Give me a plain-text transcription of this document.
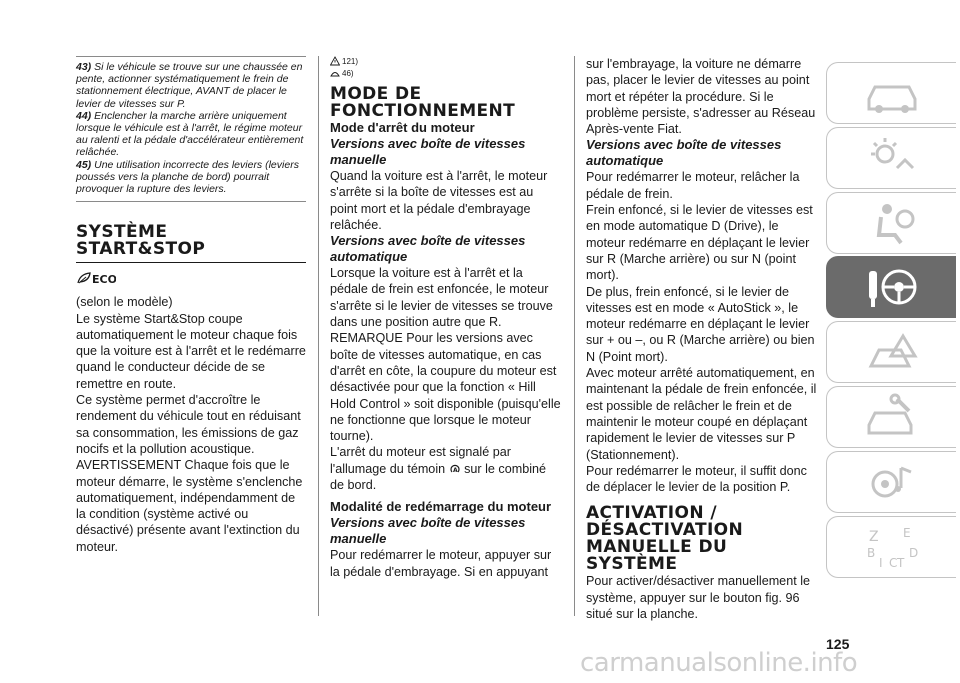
43) Si le véhicule se trouve sur une chaussée en pente, actionner systématiquement le frein de stationnement électrique, AVANT de placer le levier de vitesses sur P.

44) Enclencher la marche arrière uniquement lorsque le véhicule est à l'arrêt, le régime moteur au ralenti et la pédale d'accélérateur entièrement relâchée.

45) Une utilisation incorrecte des leviers (leviers poussés vers la planche de bord) pourrait provoquer la rupture des leviers.

SYSTÈME

START&STOP

ECO

(selon le modèle)

Le système Start&Stop coupe automatiquement le moteur chaque fois que la voiture est à l'arrêt et le redémarre quand le conducteur décide de se remettre en route.

Ce système permet d'accroître le rendement du véhicule tout en réduisant sa consommation, les émissions de gaz nocifs et la pollution acoustique.

AVERTISSEMENT Chaque fois que le moteur démarre, le système s'enclenche automatiquement, indépendamment de la condition (système activé ou désactivé) présente avant l'extinction du moteur.

121)

46)

MODE DE

FONCTIONNEMENT

Mode d'arrêt du moteur

Versions avec boîte de vitesses manuelle

Quand la voiture est à l'arrêt, le moteur s'arrête si la boîte de vitesses est au point mort et la pédale d'embrayage relâchée.

Versions avec boîte de vitesses automatique

Lorsque la voiture est à l'arrêt et la pédale de frein est enfoncée, le moteur s'arrête si le levier de vitesses se trouve dans une position autre que R.

REMARQUE Pour les versions avec boîte de vitesses automatique, en cas d'arrêt en côte, la coupure du moteur est désactivée pour que la fonction « Hill Hold Control » soit disponible (puisqu'elle ne fonctionne que lorsque le moteur tourne).

L'arrêt du moteur est signalé par l'allumage du témoin A sur le combiné de bord.

Modalité de redémarrage du moteur

Versions avec boîte de vitesses manuelle

Pour redémarrer le moteur, appuyer sur la pédale d'embrayage. Si en appuyant

sur l'embrayage, la voiture ne démarre pas, placer le levier de vitesses au point mort et répéter la procédure. Si le problème persiste, s'adresser au Réseau Après-vente Fiat.

Versions avec boîte de vitesses automatique

Pour redémarrer le moteur, relâcher la pédale de frein.

Frein enfoncé, si le levier de vitesses est en mode automatique D (Drive), le moteur redémarre en déplaçant le levier sur R (Marche arrière) ou sur N (point mort).

De plus, frein enfoncé, si le levier de vitesses est en mode « AutoStick », le moteur redémarre en déplaçant le levier sur + ou –, ou R (Marche arrière) ou bien N (Point mort).

Avec moteur arrêté automatiquement, en maintenant la pédale de frein enfoncée, il est possible de relâcher le frein et de maintenir le moteur coupé en déplaçant rapidement le levier de vitesses sur P (Stationnement).

Pour redémarrer le moteur, il suffit donc de déplacer le levier de la position P.

ACTIVATION /

DÉSACTIVATION

MANUELLE DU SYSTÈME

Pour activer/désactiver manuellement le système, appuyer sur le bouton fig. 96 situé sur la planche.

Z E
B	D
I C T
125
carmanualsonline.info
